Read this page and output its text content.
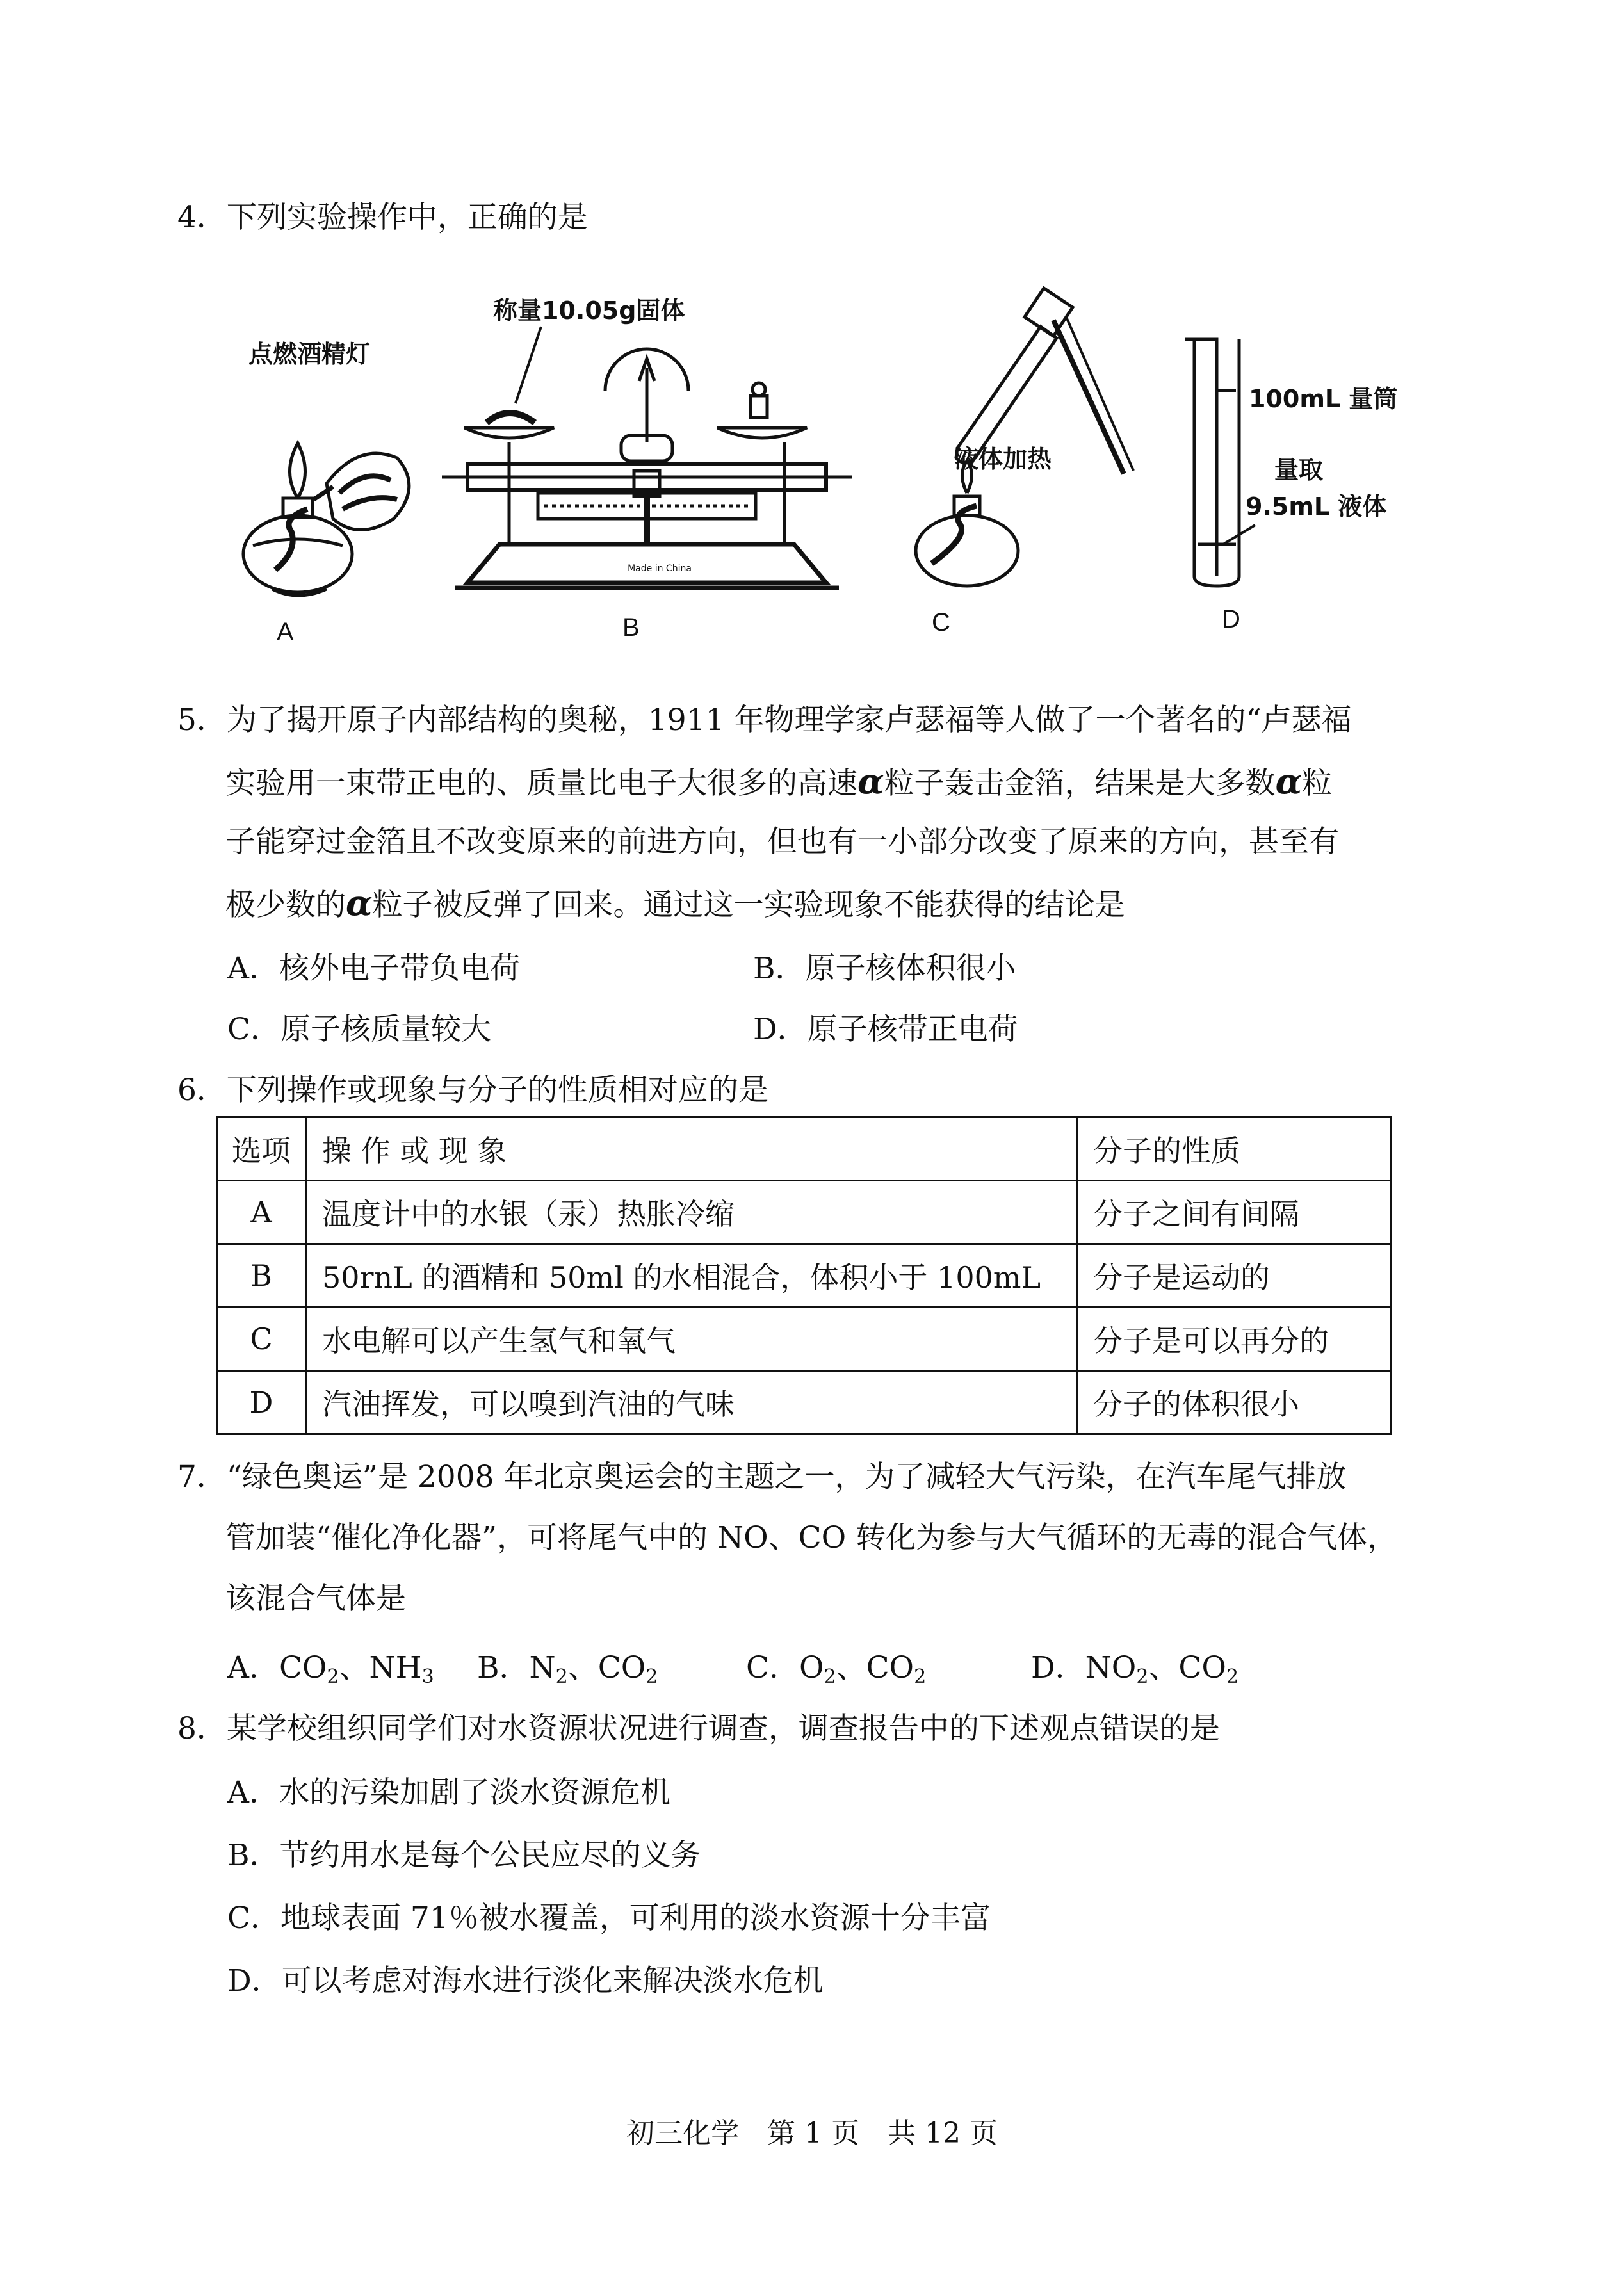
4．下列实验操作中，正确的是
点燃酒精灯
A
称量10.05g固体
Made in China
B
液体加热
C
100mL 量筒
量取
9.5mL 液体
D
5．为了揭开原子内部结构的奥秘，1911 年物理学家卢瑟福等人做了一个著名的“卢瑟福
实验用一束带正电的、质量比电子大很多的高速α粒子轰击金箔，结果是大多数α粒
子能穿过金箔且不改变原来的前进方向，但也有一小部分改变了原来的方向，甚至有
极少数的α粒子被反弹了回来。通过这一实验现象不能获得的结论是
A．核外电子带负电荷	B．原子核体积很小
C．原子核质量较大	D．原子核带正电荷
6．下列操作或现象与分子的性质相对应的是
选项	操 作 或 现 象	分子的性质
A	温度计中的水银（汞）热胀冷缩	分子之间有间隔
B	50rnL 的酒精和 50ml 的水相混合，体积小于 100mL	分子是运动的
C	水电解可以产生氢气和氧气	分子是可以再分的
D	汽油挥发，可以嗅到汽油的气味	分子的体积很小
7．“绿色奥运”是 2008 年北京奥运会的主题之一，为了减轻大气污染，在汽车尾气排放
管加装“催化净化器”，可将尾气中的 NO、CO 转化为参与大气循环的无毒的混合气体，
该混合气体是
A．$CO_2$、$NH_3$ B．$N_2$、$CO_2$	C．$O_2$、$CO_2$	D．$NO_2$、$CO_2$
8．某学校组织同学们对水资源状况进行调查，调查报告中的下述观点错误的是
A．水的污染加剧了淡水资源危机
B．节约用水是每个公民应尽的义务
C．地球表面 71％被水覆盖，可利用的淡水资源十分丰富
D．可以考虑对海水进行淡化来解决淡水危机
初三化学　第 1 页　共 12 页
